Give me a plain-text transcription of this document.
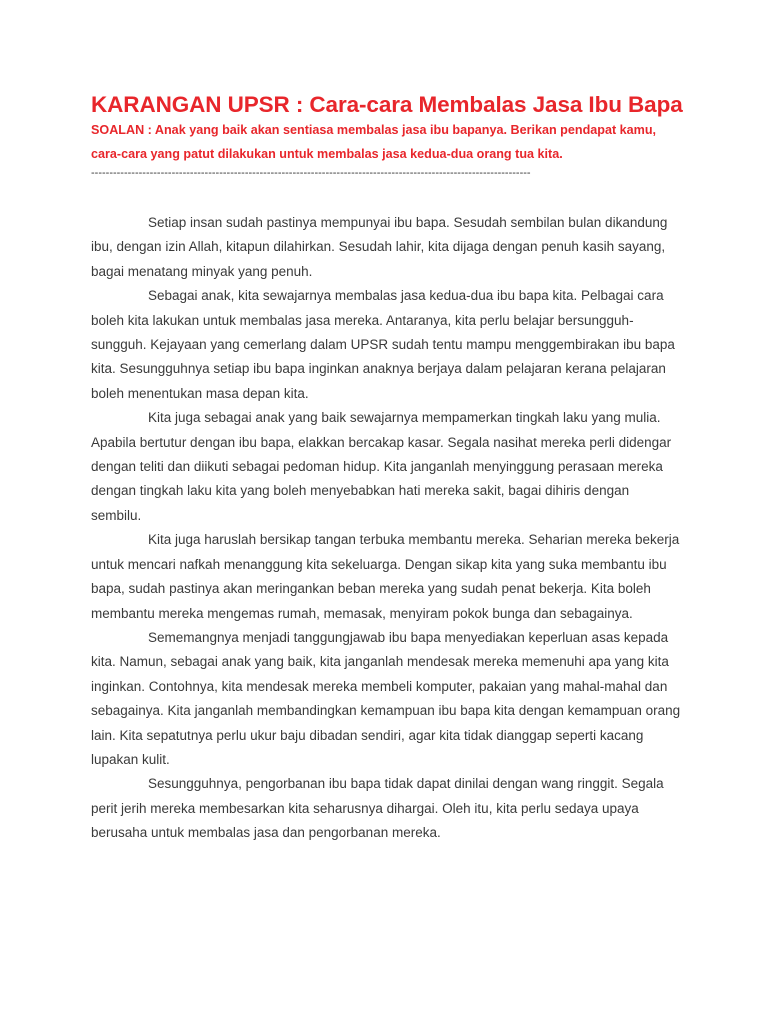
KARANGAN UPSR : Cara-cara Membalas Jasa Ibu Bapa

SOALAN : Anak yang baik akan sentiasa membalas jasa ibu bapanya. Berikan pendapat kamu, cara-cara yang patut dilakukan untuk membalas jasa kedua-dua orang tua kita.

------------------------------------------------------------------------------------------------------------------------

Setiap insan sudah pastinya mempunyai ibu bapa. Sesudah sembilan bulan dikandung ibu, dengan izin Allah, kitapun dilahirkan. Sesudah lahir, kita dijaga dengan penuh kasih sayang, bagai menatang minyak yang penuh.

Sebagai anak, kita sewajarnya membalas jasa kedua-dua ibu bapa kita. Pelbagai cara boleh kita lakukan untuk membalas jasa mereka. Antaranya, kita perlu belajar bersungguh-sungguh. Kejayaan yang cemerlang dalam UPSR sudah tentu mampu menggembirakan ibu bapa kita. Sesungguhnya setiap ibu bapa inginkan anaknya berjaya dalam pelajaran kerana pelajaran boleh menentukan masa depan kita.

Kita juga sebagai anak yang baik sewajarnya mempamerkan tingkah laku yang mulia. Apabila bertutur dengan ibu bapa, elakkan bercakap kasar. Segala nasihat mereka perli didengar dengan teliti dan diikuti sebagai pedoman hidup. Kita janganlah menyinggung perasaan mereka dengan tingkah laku kita yang boleh menyebabkan hati mereka sakit, bagai dihiris dengan sembilu.

Kita juga haruslah bersikap tangan terbuka membantu mereka. Seharian mereka bekerja untuk mencari nafkah menanggung kita sekeluarga. Dengan sikap kita yang suka membantu ibu bapa, sudah pastinya akan meringankan beban mereka yang sudah penat bekerja. Kita boleh membantu mereka mengemas rumah, memasak, menyiram pokok bunga dan sebagainya.

Sememangnya menjadi tanggungjawab ibu bapa menyediakan keperluan asas kepada kita. Namun, sebagai anak yang baik, kita janganlah mendesak mereka memenuhi apa yang kita inginkan. Contohnya, kita mendesak mereka membeli komputer, pakaian yang mahal-mahal dan sebagainya. Kita janganlah membandingkan kemampuan ibu bapa kita dengan kemampuan orang lain. Kita sepatutnya perlu ukur baju dibadan sendiri, agar kita tidak dianggap seperti kacang lupakan kulit.

Sesungguhnya, pengorbanan ibu bapa tidak dapat dinilai dengan wang ringgit. Segala perit jerih mereka membesarkan kita seharusnya dihargai. Oleh itu, kita perlu sedaya upaya berusaha untuk membalas jasa dan pengorbanan mereka.
